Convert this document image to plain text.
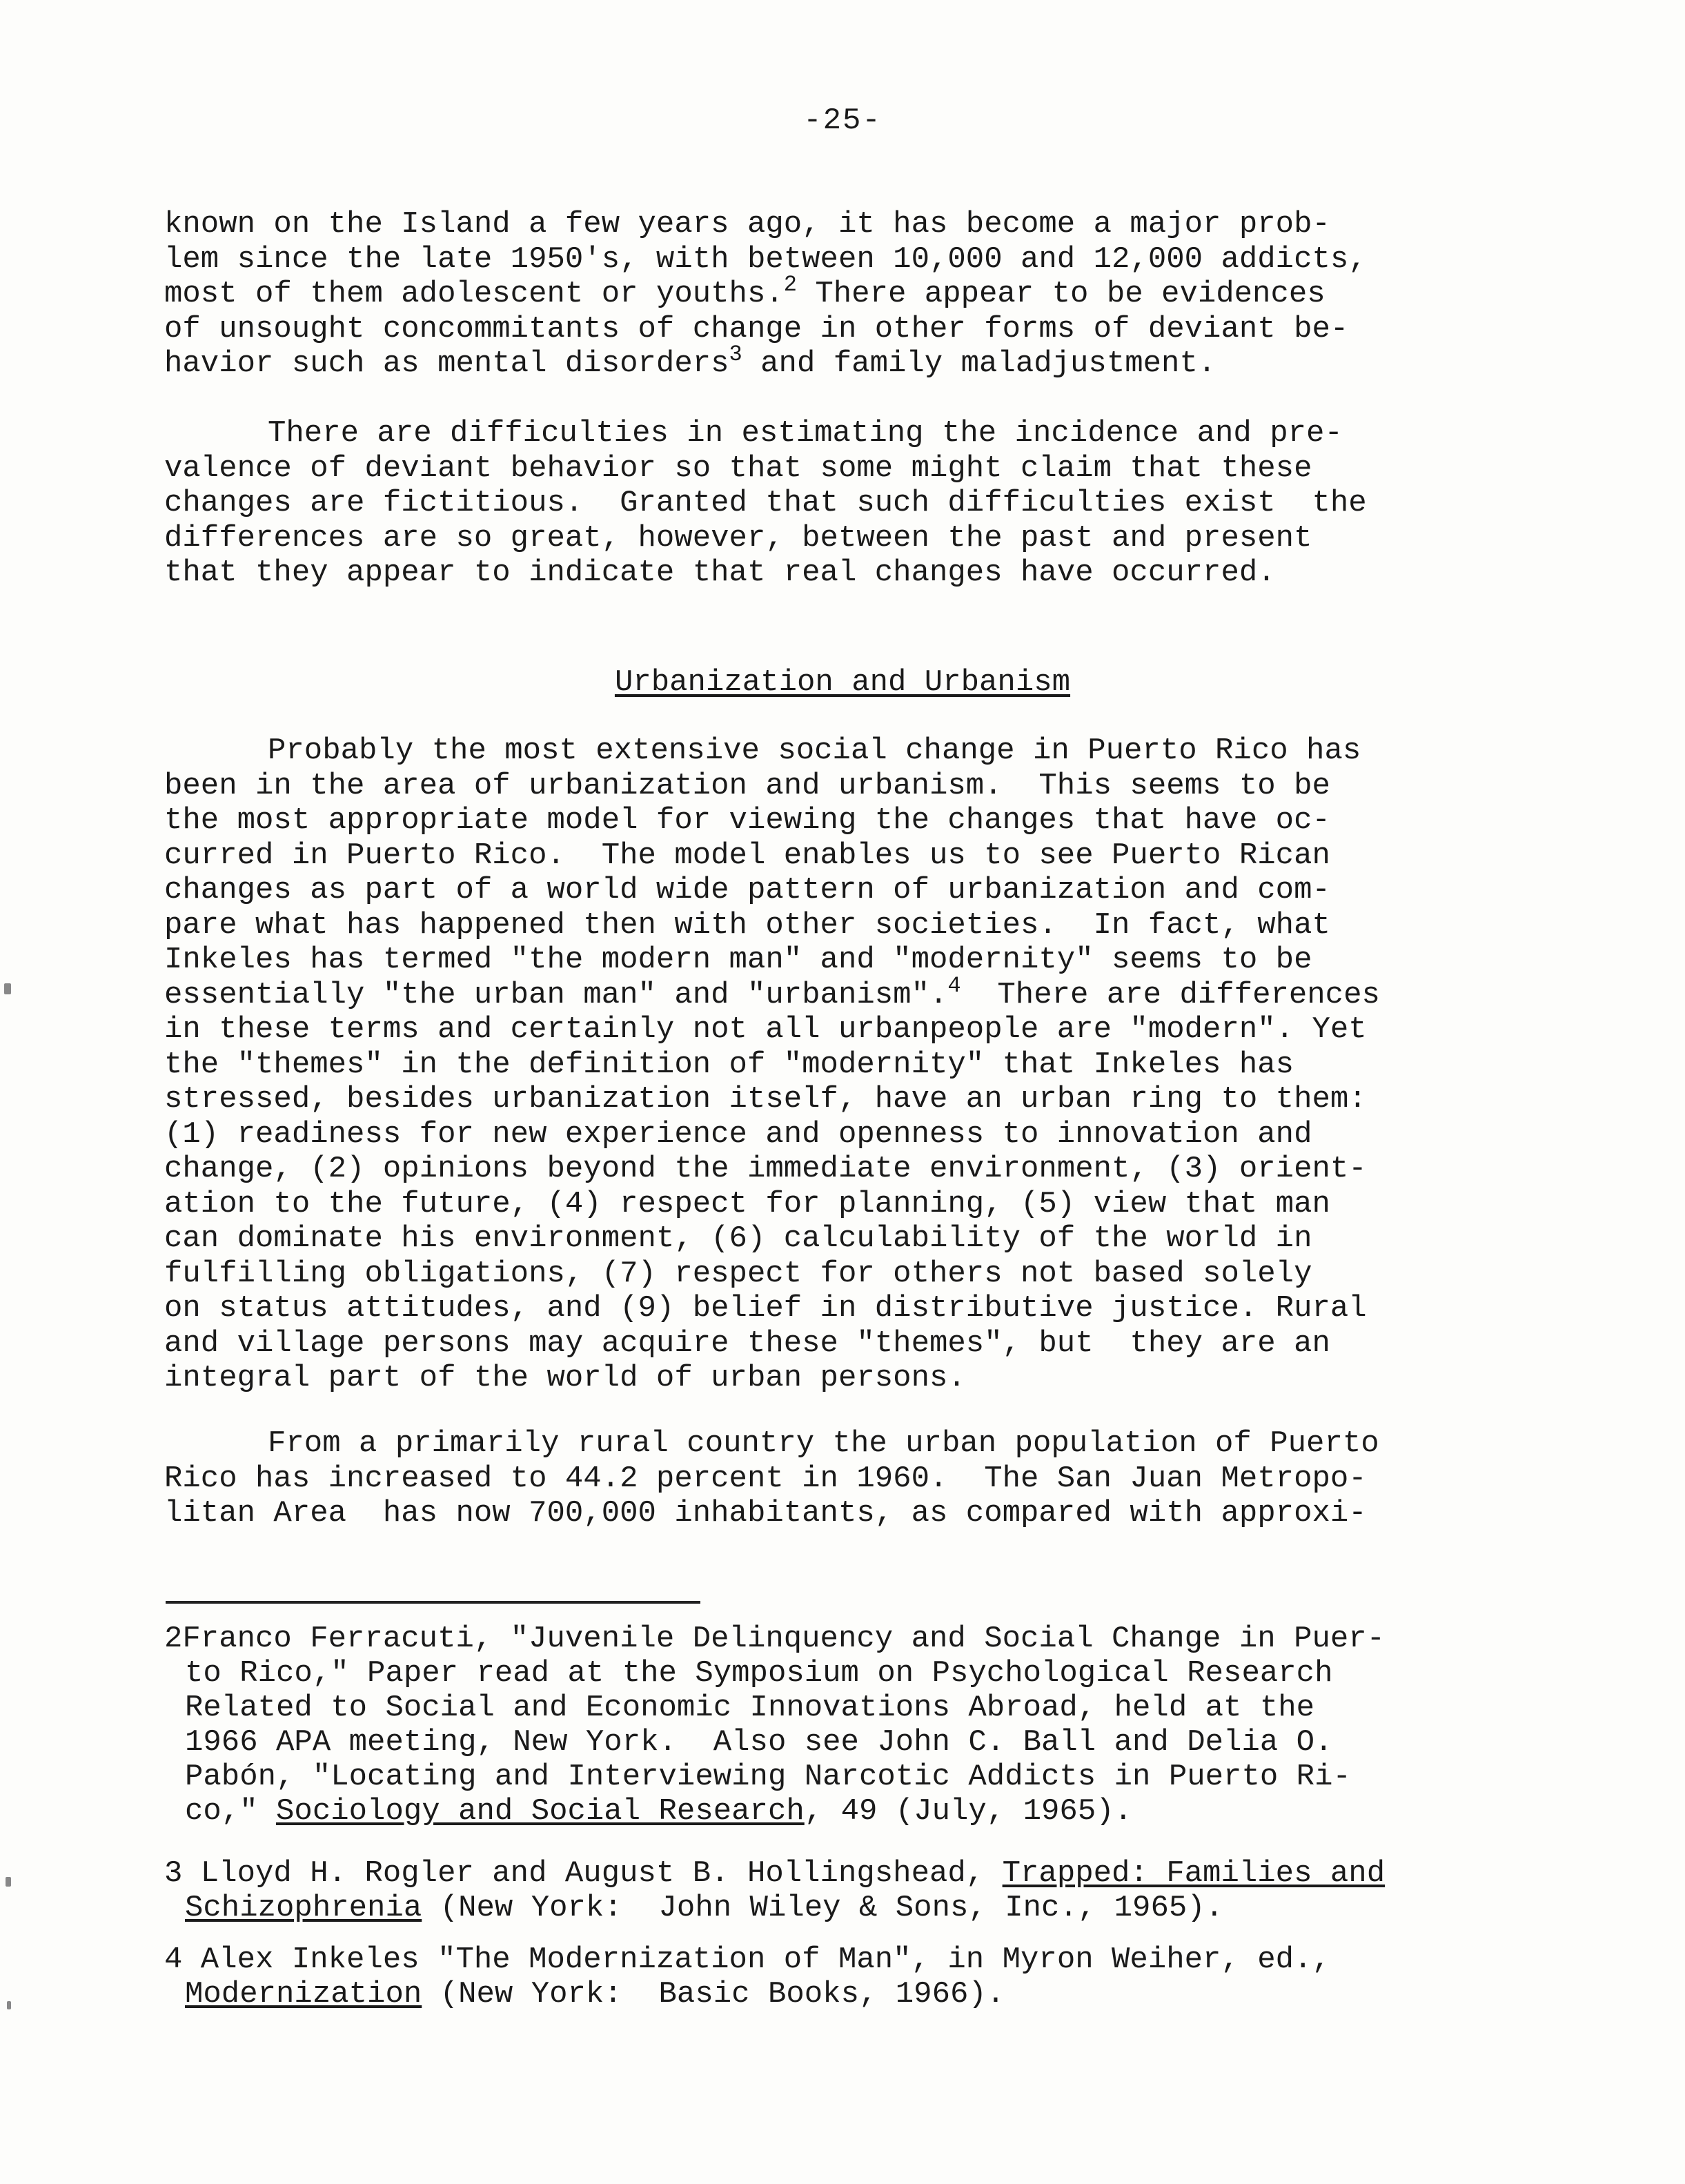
-25-
known on the Island a few years ago, it has become a major prob-
lem since the late 1950's, with between 10,000 and 12,000 addicts,
most of them adolescent or youths.$^2$ There appear to be evidences
of unsought concommitants of change in other forms of deviant be-
havior such as mental disorders$^3$ and family maladjustment.
There are difficulties in estimating the incidence and pre-
valence of deviant behavior so that some might claim that these
changes are fictitious.  Granted that such difficulties exist  the
differences are so great, however, between the past and present
that they appear to indicate that real changes have occurred.
Urbanization and Urbanism
Probably the most extensive social change in Puerto Rico has
been in the area of urbanization and urbanism.  This seems to be
the most appropriate model for viewing the changes that have oc-
curred in Puerto Rico.  The model enables us to see Puerto Rican
changes as part of a world wide pattern of urbanization and com-
pare what has happened then with other societies.  In fact, what
Inkeles has termed "the modern man" and "modernity" seems to be
essentially "the urban man" and "urbanism".$^4$  There are differences
in these terms and certainly not all urbanpeople are "modern". Yet
the "themes" in the definition of "modernity" that Inkeles has
stressed, besides urbanization itself, have an urban ring to them:
(1) readiness for new experience and openness to innovation and
change, (2) opinions beyond the immediate environment, (3) orient-
ation to the future, (4) respect for planning, (5) view that man
can dominate his environment, (6) calculability of the world in
fulfilling obligations, (7) respect for others not based solely
on status attitudes, and (9) belief in distributive justice. Rural
and village persons may acquire these "themes", but  they are an
integral part of the world of urban persons.
From a primarily rural country the urban population of Puerto
Rico has increased to 44.2 percent in 1960.  The San Juan Metropo-
litan Area  has now 700,000 inhabitants, as compared with approxi-
2Franco Ferracuti, "Juvenile Delinquency and Social Change in Puer-
to Rico," Paper read at the Symposium on Psychological Research
Related to Social and Economic Innovations Abroad, held at the
1966 APA meeting, New York.  Also see John C. Ball and Delia O.
Pabón, "Locating and Interviewing Narcotic Addicts in Puerto Ri-
co," Sociology and Social Research, 49 (July, 1965).
3 Lloyd H. Rogler and August B. Hollingshead, Trapped: Families and
Schizophrenia (New York:  John Wiley & Sons, Inc., 1965).
4 Alex Inkeles "The Modernization of Man", in Myron Weiher, ed.,
Modernization (New York:  Basic Books, 1966).
